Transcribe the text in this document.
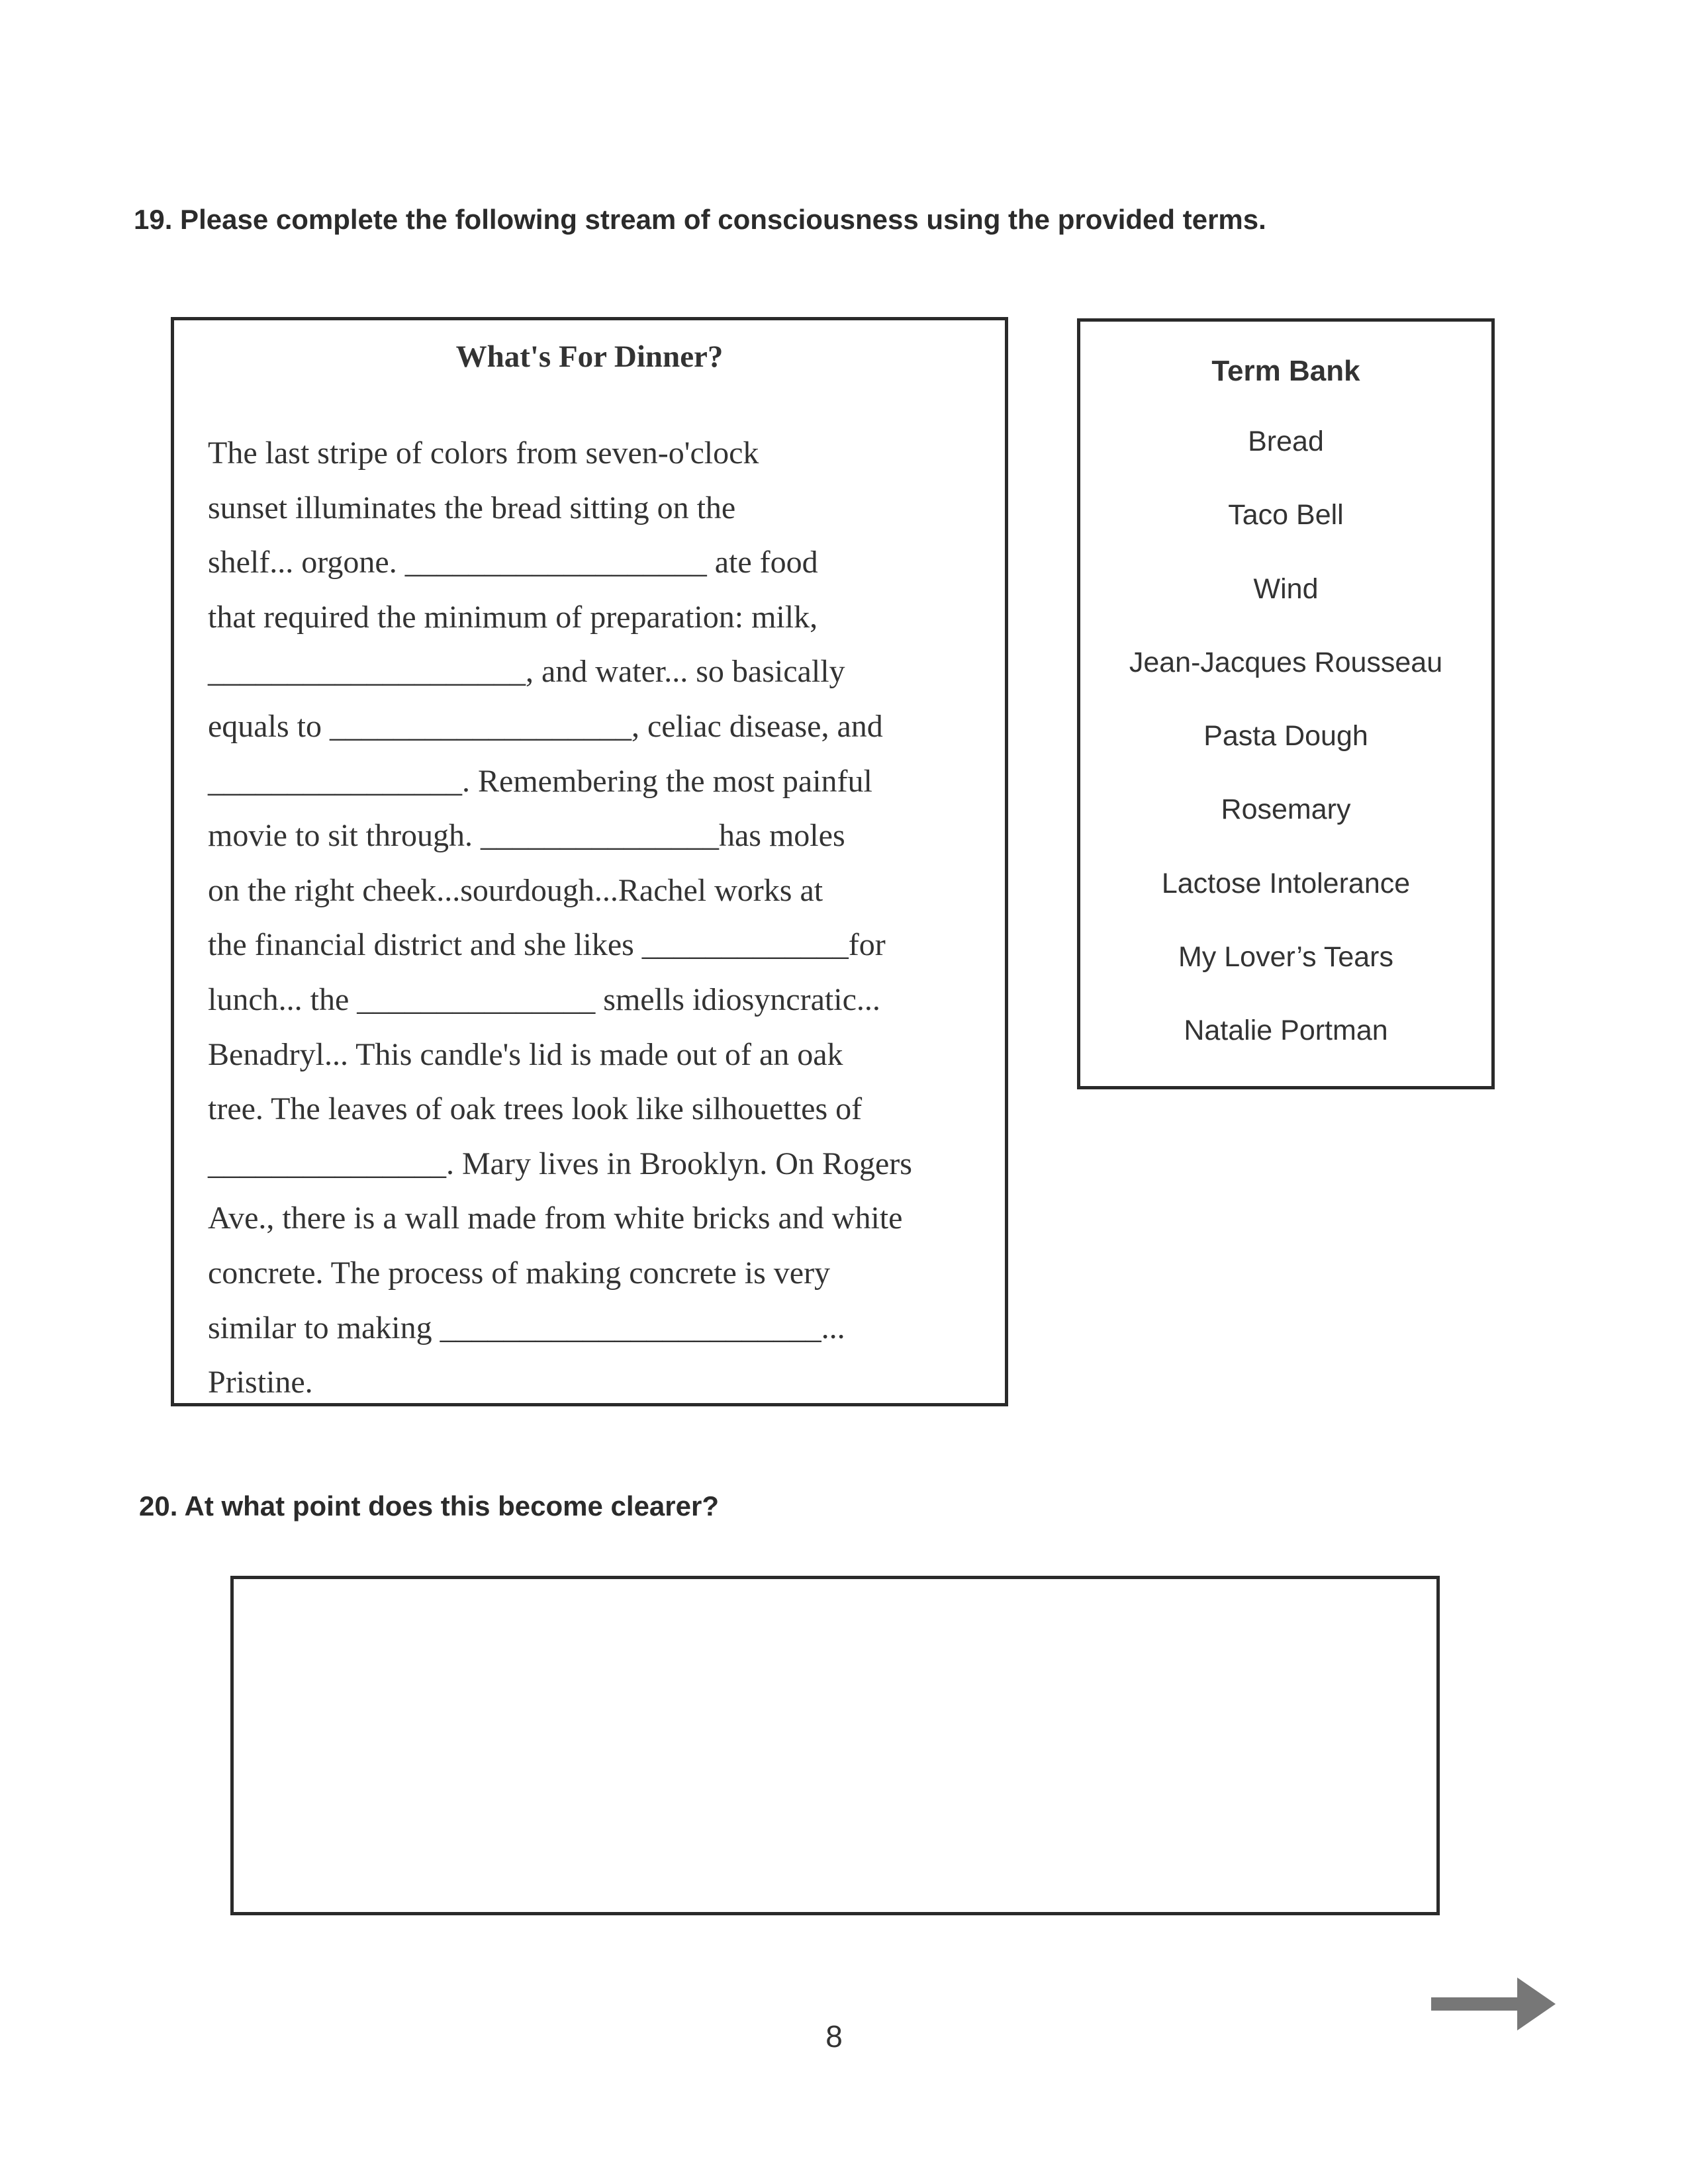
19. Please complete the following stream of consciousness using the provided terms.
What's For Dinner?
The last stripe of colors from seven-o'clock
sunset illuminates the bread sitting on the
shelf... orgone. ___________________ ate food
that required the minimum of preparation: milk,
____________________, and water... so basically
equals to ___________________, celiac disease, and
________________. Remembering the most painful
movie to sit through. _______________has moles
on the right cheek...sourdough...Rachel works at
the financial district and she likes _____________for
lunch... the _______________ smells idiosyncratic...
Benadryl... This candle's lid is made out of an oak
tree. The leaves of oak trees look like silhouettes of
_______________. Mary lives in Brooklyn. On Rogers
Ave., there is a wall made from white bricks and white
concrete. The process of making concrete is very
similar to making ________________________...
Pristine.
Term Bank
Bread
Taco Bell
Wind
Jean-Jacques Rousseau
Pasta Dough
Rosemary
Lactose Intolerance
My Lover’s Tears
Natalie Portman
20. At what point does this become clearer?
8
